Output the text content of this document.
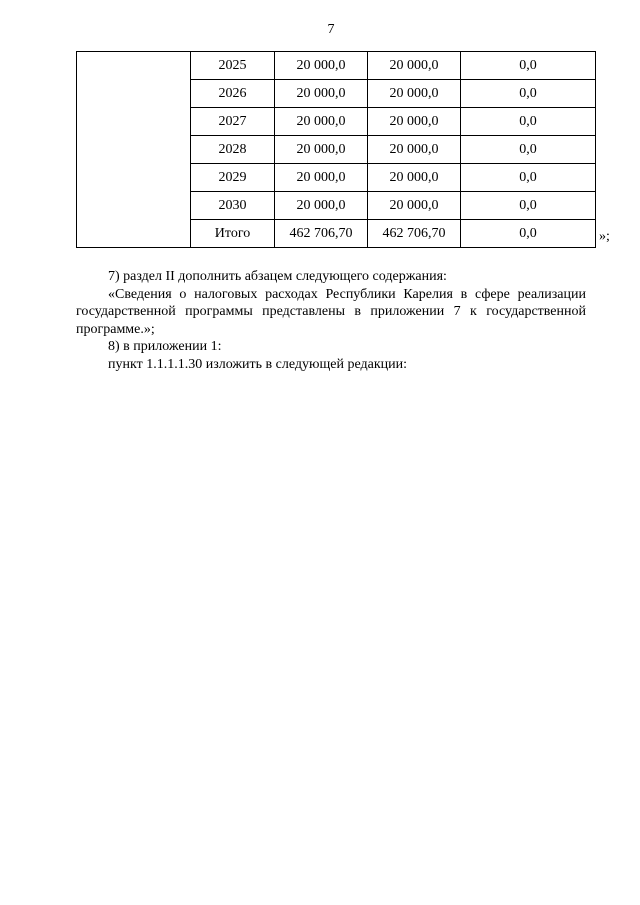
7
	2025	20 000,0	20 000,0	0,0
	2026	20 000,0	20 000,0	0,0
	2027	20 000,0	20 000,0	0,0
	2028	20 000,0	20 000,0	0,0
	2029	20 000,0	20 000,0	0,0
	2030	20 000,0	20 000,0	0,0
	Итого	462 706,70	462 706,70	0,0	»;

7) раздел II дополнить абзацем следующего содержания:

«Сведения о налоговых расходах Республики Карелия в сфере реализации государственной программы представлены в приложении 7 к государственной программе.»;

8) в приложении 1:

пункт 1.1.1.1.30 изложить в следующей редакции:
